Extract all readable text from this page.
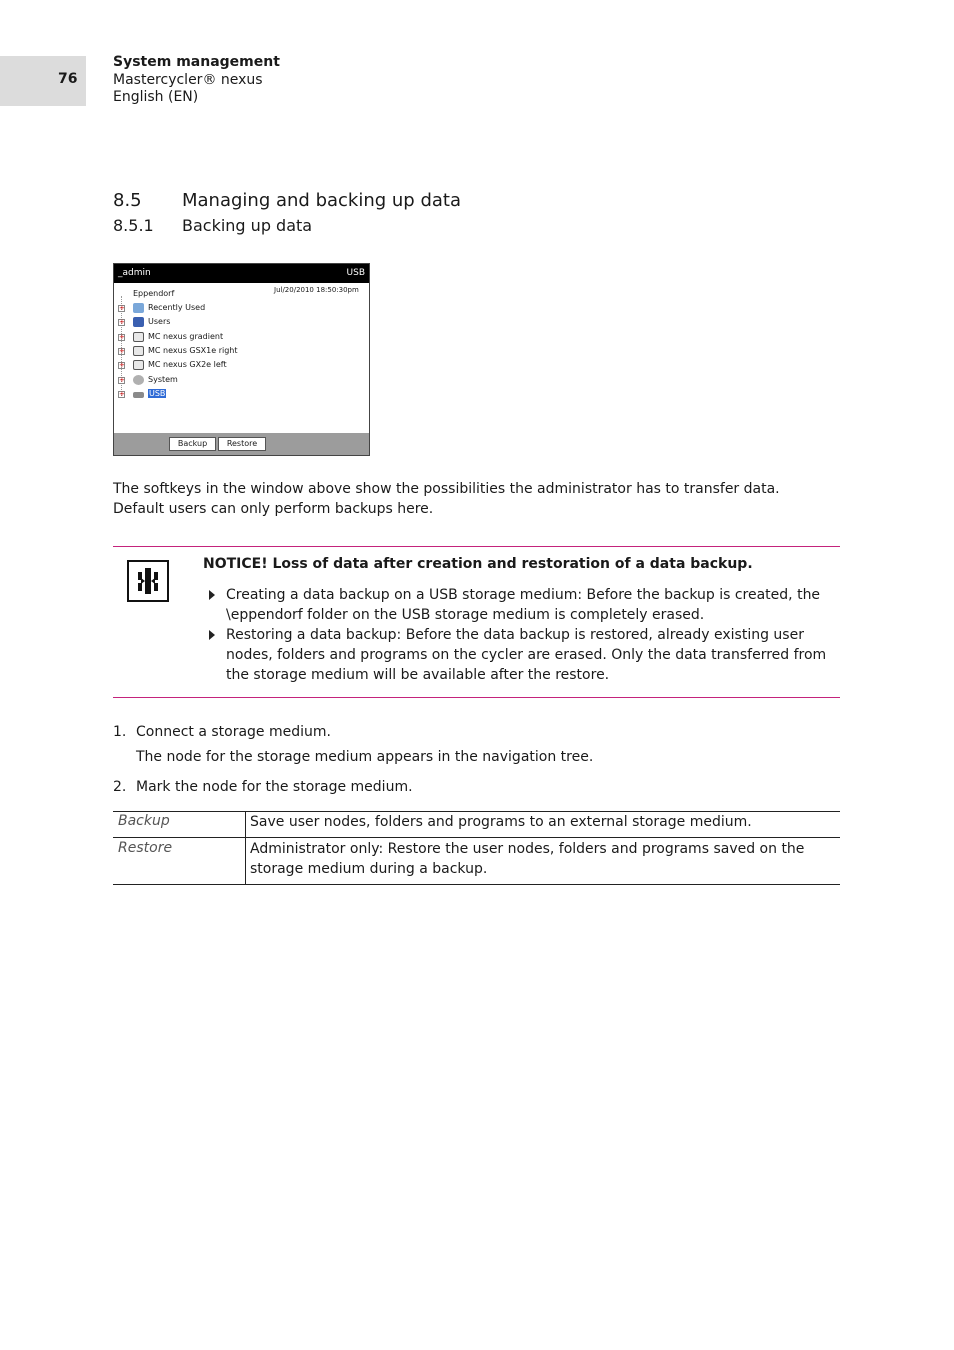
76
System management
Mastercycler® nexus
English (EN)
8.5 Managing and backing up data
8.5.1 Backing up data
_admin	USB
Jul/20/2010 18:50:30pm
Eppendorf
+	Recently Used
+	Users
+	MC nexus gradient
+	MC nexus GSX1e right
+	MC nexus GX2e left
+	System
+	USB
Backup	Restore
The softkeys in the window above show the possibilities the administrator has to transfer data. Default users can only perform backups here.
NOTICE! Loss of data after creation and restoration of a data backup.
Creating a data backup on a USB storage medium: Before the backup is created, the \eppendorf folder on the USB storage medium is completely erased.
Restoring a data backup: Before the data backup is restored, already existing user nodes, folders and programs on the cycler are erased. Only the data transferred from the storage medium will be available after the restore.
1. Connect a storage medium.
The node for the storage medium appears in the navigation tree.
2. Mark the node for the storage medium.
Backup	Save user nodes, folders and programs to an external storage medium.
Restore	Administrator only: Restore the user nodes, folders and programs saved on the storage medium during a backup.
